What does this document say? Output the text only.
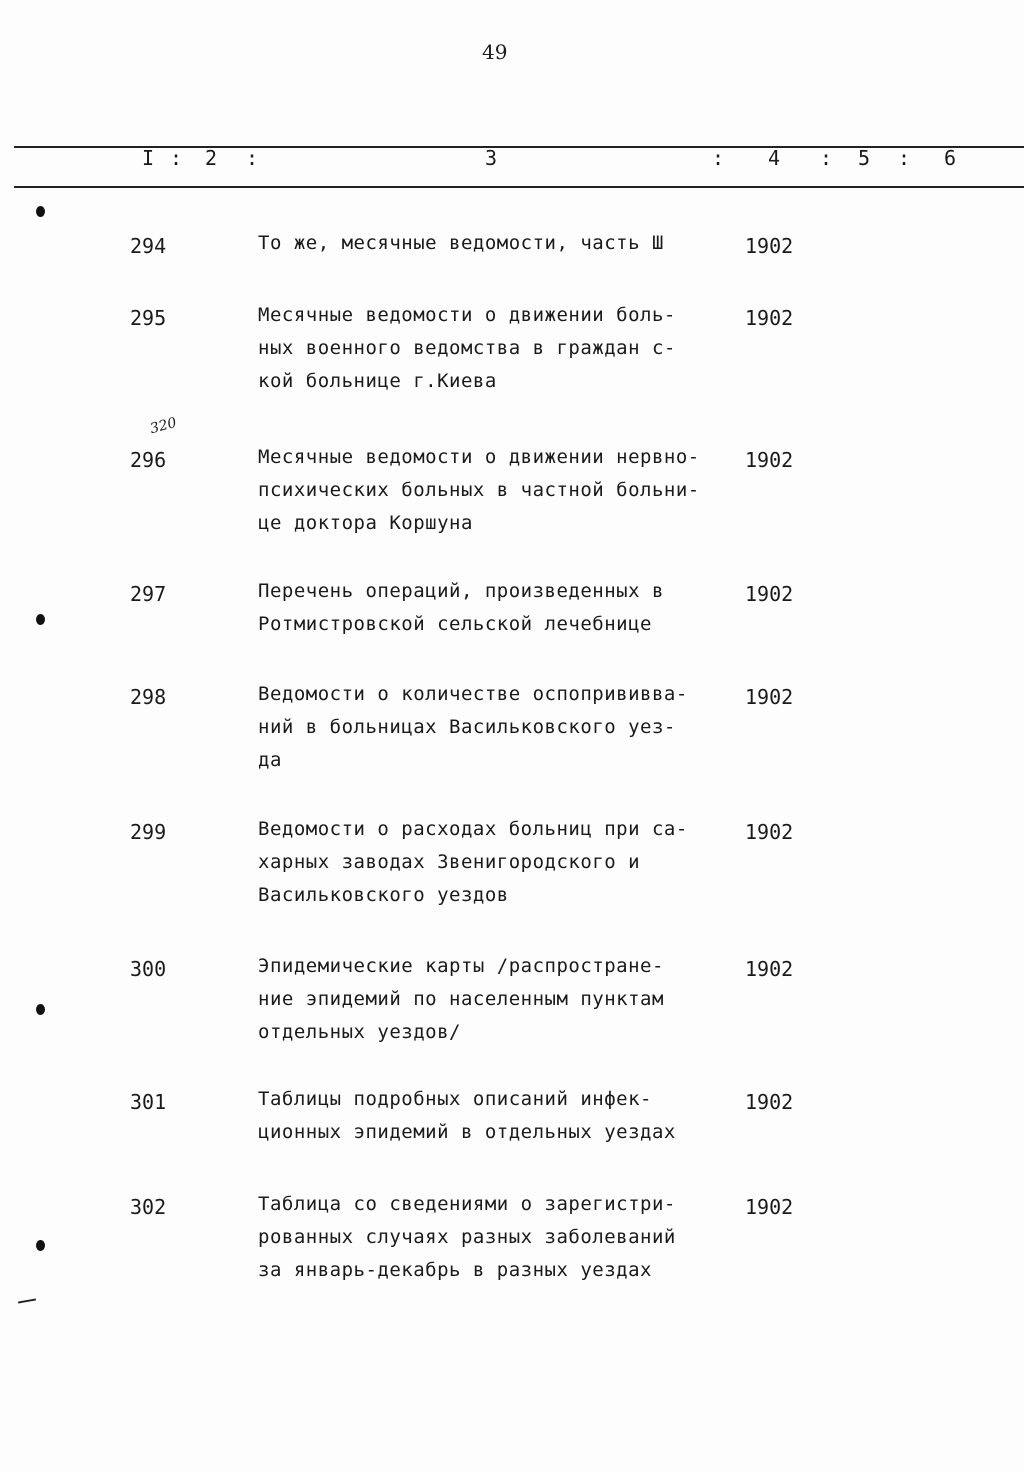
49
I : 2 :	3	: 4 : 5 : 6
320
294	То же, месячные ведомости, часть Ш	1902
295	Месячные ведомости о движении боль-
ных военного ведомства в граждан с-
кой больнице г.Киева
1902
296	Месячные ведомости о движении нервно-
психических больных в частной больни-
це доктора Коршуна
1902
297	Перечень операций, произведенных в
Ротмистровской сельской лечебнице
1902
298	Ведомости о количестве оспопрививва-
ний в больницах Васильковского уез-
да
1902
299	Ведомости о расходах больниц при са-
харных заводах Звенигородского и
Васильковского уездов
1902
300	Эпидемические карты /распростране-
ние эпидемий по населенным пунктам
отдельных уездов/
1902
301	Таблицы подробных описаний инфек-
ционных эпидемий в отдельных уездах
1902
302	Таблица со сведениями о зарегистри-
рованных случаях разных заболеваний
за январь-декабрь в разных уездах
1902
